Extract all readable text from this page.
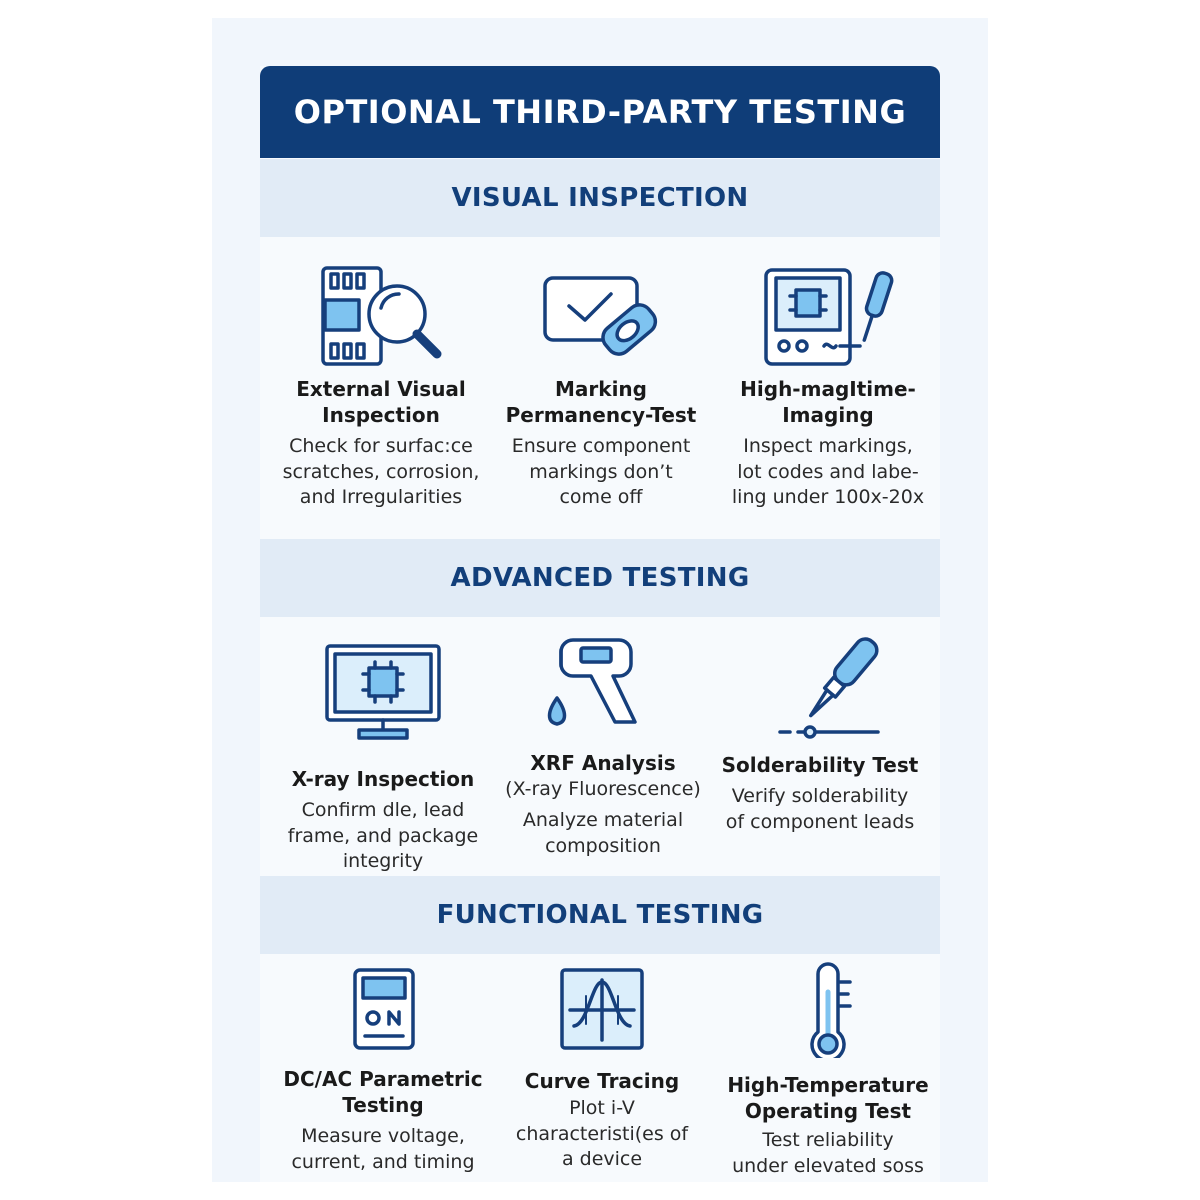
OPTIONAL THIRD-PARTY TESTING
VISUAL INSPECTION
External Visual
Inspection
Check for surfac:ce
scratches, corrosion,
and Irregularities
Marking
Permanency-Test
Ensure component
markings don’t
come off
High-magItime-
Imaging
Inspect markings,
lot codes and labe-
ling under 100x-20x
ADVANCED TESTING
X-ray Inspection
Confirm dle, lead
frame, and package
integrity
XRF Analysis
(X-ray Fluorescence)
Analyze material
composition
Solderability Test
Verify solderability
of component leads
FUNCTIONAL TESTING
DC/AC Parametric
Testing
Measure voltage,
current, and timing
Curve Tracing
Plot i-V
characteristi(es of
a device
High-Temperature
Operating Test
Test reliability
under elevated soss
